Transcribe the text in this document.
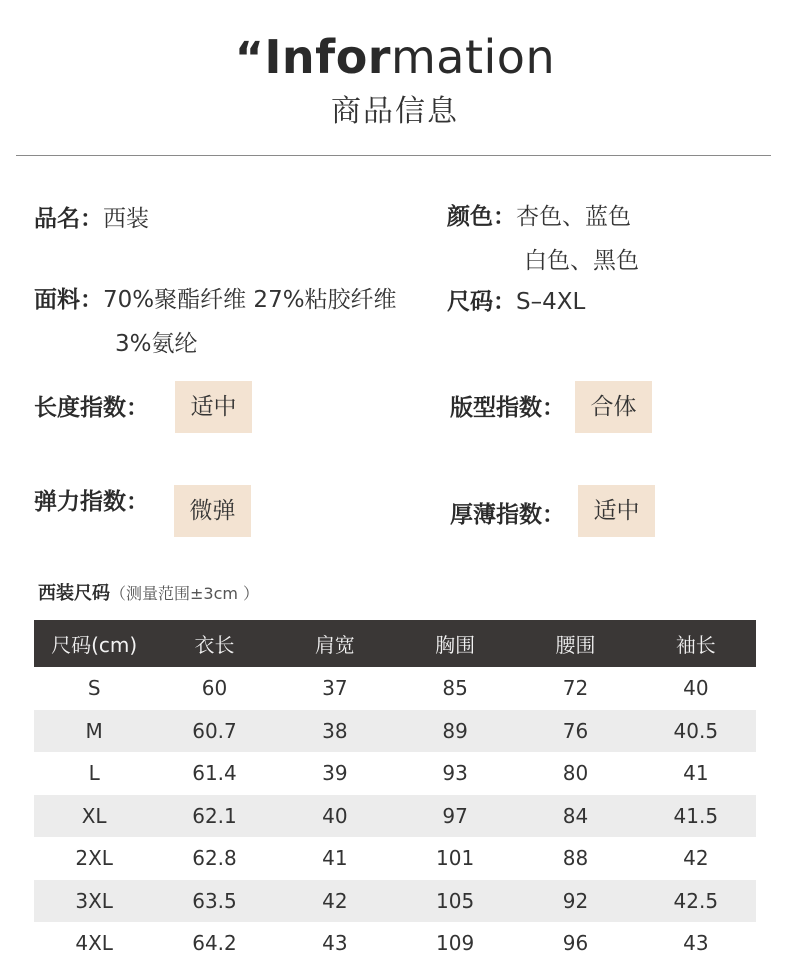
“Information
商品信息
品名：西装	颜色：杏色、蓝色
白色、黑色
面料：70%聚酯纤维 27%粘胶纤维
3%氨纶
尺码：S–4XL
长度指数：	适中	版型指数：	合体
弹力指数：	微弹	厚薄指数：	适中
西装尺码（测量范围±3cm ）
尺码(cm)	衣长	肩宽	胸围	腰围	袖长
S	60	37	85	72	40
M	60.7	38	89	76	40.5
L	61.4	39	93	80	41
XL	62.1	40	97	84	41.5
2XL	62.8	41	101	88	42
3XL	63.5	42	105	92	42.5
4XL	64.2	43	109	96	43
